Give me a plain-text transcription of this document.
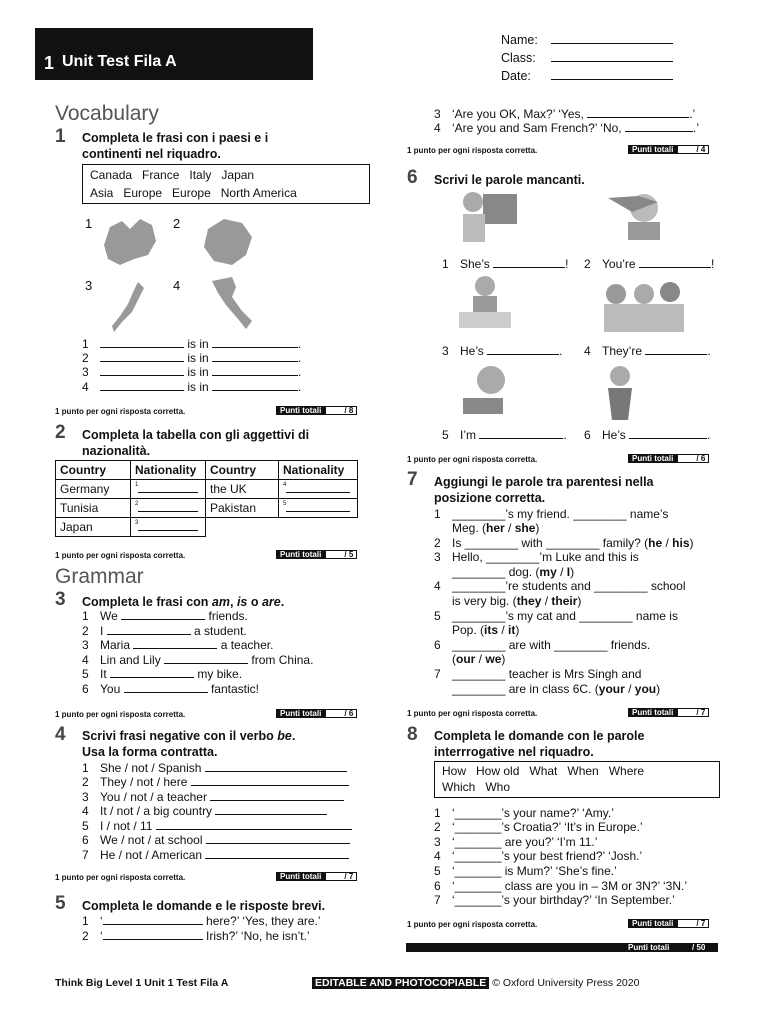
1 Unit Test Fila A
Name:
Class:
Date:
Vocabulary
1 Completa le frasi con i paesi e i continenti nel riquadro.
Canada   France   Italy   Japan
Asia   Europe   Europe   North America
1	2
3	4
1	is in	.
2	is in	.
3	is in	.
4	is in	.
1 punto per ogni risposta corretta.	Punti totali	/ 8
2 Completa la tabella con gli aggettivi di nazionalità.
Country	Nationality	Country	Nationality
Germany	$^1$	the UK	$^4$
Tunisia	$^2$	Pakistan	$^5$
Japan	$^3$		
1 punto per ogni risposta corretta.	Punti totali	/ 5
Grammar
3 Completa le frasi con am, is o are.
1 We	friends.
2 I	a student.
3 Maria	a teacher.
4 Lin and Lily	from China.
5 It	my bike.
6 You	fantastic!
1 punto per ogni risposta corretta.	Punti totali	/ 6
4 Scrivi frasi negative con il verbo be.
Usa la forma contratta.
1 She / not / Spanish
2 They / not / here
3 You / not / a teacher
4 It / not / a big country
5 I / not / 11
6 We / not / at school
7 He / not / American
1 punto per ogni risposta corretta.	Punti totali	/ 7
5 Completa le domande e le risposte brevi.
1 ‘	here?’ ‘Yes, they are.’
2 ‘	Irish?’ ‘No, he isn’t.’
3 ‘Are you OK, Max?’ ‘Yes,	.’
4 ‘Are you and Sam French?’ ‘No,	.’
1 punto per ogni risposta corretta.	Punti totali	/ 4
6 Scrivi le parole mancanti.
1 She’s	! 2 You’re	!
3 He’s	. 4 They’re	.
5 I’m	. 6 He’s	.
1 punto per ogni risposta corretta.	Punti totali	/ 6
7 Aggiungi le parole tra parentesi nella posizione corretta.
1 ________’s my friend. ________ name’s
Meg. (her / she)
2 Is ________ with ________ family? (he / his)
3 Hello, ________’m Luke and this is
________ dog. (my / I)
4 ________’re students and ________ school
is very big. (they / their)
5 ________’s my cat and ________ name is
Pop. (its / it)
6 ________ are with ________ friends.
(our / we)
7 ________ teacher is Mrs Singh and
________ are in class 6C. (your / you)
1 punto per ogni risposta corretta.	Punti totali	/ 7
8 Completa le domande con le parole interrrogative nel riquadro.
How   How old   What   When   Where
Which   Who
1 ‘_______’s your name?’ ‘Amy.’
2 ‘_______’s Croatia?’ ‘It’s in Europe.’
3 ‘_______ are you?’ ‘I’m 11.’
4 ‘_______’s your best friend?’ ‘Josh.’
5 ‘_______ is Mum?’ ‘She’s fine.’
6 ‘_______ class are you in – 3M or 3N?’ ‘3N.’
7 ‘_______’s your birthday?’ ‘In September.’
1 punto per ogni risposta corretta.	Punti totali	/ 7
Punti totali	/ 50
Think Big Level 1 Unit 1 Test Fila A	EDITABLE AND PHOTOCOPIABLE © Oxford University Press 2020
